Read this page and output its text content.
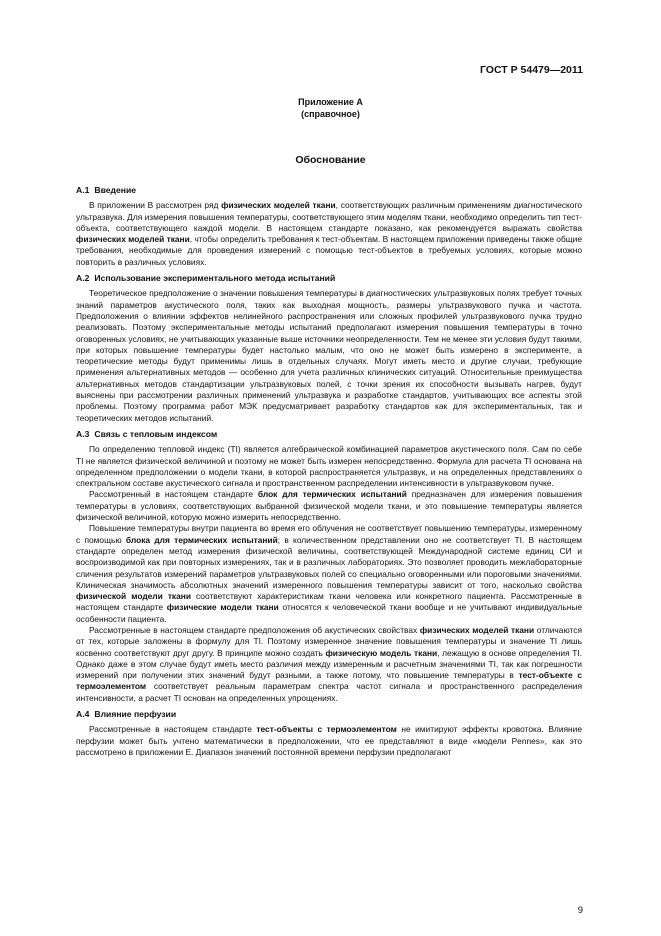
ГОСТ Р 54479—2011
Приложение А
(справочное)
Обоснование
А.1 Введение

В приложении В рассмотрен ряд физических моделей ткани, соответствующих различным применениям диагностического ультразвука. Для измерения повышения температуры, соответствующего этим моделям ткани, необходимо определить тип тест-объекта, соответствующего каждой модели. В настоящем стандарте показано, как рекомендуется выражать свойства физических моделей ткани, чтобы определить требования к тест-объектам. В настоящем приложении приведены также общие требования, необходимые для проведения измерений с помощью тест-объектов в требуемых условиях, которые можно повторить в различных условиях.

А.2 Использование экспериментального метода испытаний

Теоретическое предположение о значении повышения температуры в диагностических ультразвуковых полях требует точных знаний параметров акустического поля, таких как выходная мощность, размеры ультразвукового пучка и частота. Предположения о влиянии эффектов нелинейного распространения или сложных профилей ультразвукового пучка трудно реализовать. Поэтому экспериментальные методы испытаний предполагают измерения повышения температуры в точно оговоренных условиях, не учитывающих указанные выше источники неопределенности. Тем не менее эти условия будут такими, при которых повышение температуры будет настолько малым, что оно не может быть измерено в эксперименте, а теоретические методы будут применимы лишь в отдельных случаях. Могут иметь место и другие случаи, требующие применения альтернативных методов — особенно для учета различных клинических ситуаций. Относительные преимущества альтернативных методов стандартизации ультразвуковых полей, с точки зрения их способности вызывать нагрев, будут выяснены при рассмотрении различных применений ультразвука и разработке стандартов, учитывающих все аспекты этой проблемы. Поэтому программа работ МЭК предусматривает разработку стандартов как для экспериментальных, так и теоретических методов испытаний.

А.3 Связь с тепловым индексом

По определению тепловой индекс (TI) является алгебраической комбинацией параметров акустического поля. Сам по себе TI не является физической величиной и поэтому не может быть измерен непосредственно. Формула для расчета TI основана на определенном предположении о модели ткани, в которой распространяется ультразвук, и на определенных представлениях о спектральном составе акустического сигнала и пространственном распределении интенсивности в ультразвуковом пучке.

Рассмотренный в настоящем стандарте блок для термических испытаний предназначен для измерения повышения температуры в условиях, соответствующих выбранной физической модели ткани, и это повышение температуры является физической величиной, которую можно измерить непосредственно.

Повышение температуры внутри пациента во время его облучения не соответствует повышению температуры, измеренному с помощью блока для термических испытаний; в количественном представлении оно не соответствует TI. В настоящем стандарте определен метод измерения физической величины, соответствующей Международной системе единиц СИ и воспроизводимой как при повторных измерениях, так и в различных лабораториях. Это позволяет проводить межлабораторные сличения результатов измерений параметров ультразвуковых полей со специально оговоренными или пороговыми значениями. Клиническая значимость абсолютных значений измеренного повышения температуры зависит от того, насколько свойства физической модели ткани соответствуют характеристикам ткани человека или конкретного пациента. Рассмотренные в настоящем стандарте физические модели ткани относятся к человеческой ткани вообще и не учитывают индивидуальные особенности пациента.

Рассмотренные в настоящем стандарте предположения об акустических свойствах физических моделей ткани отличаются от тех, которые заложены в формулу для TI. Поэтому измеренное значение повышения температуры и значение TI лишь косвенно соответствуют друг другу. В принципе можно создать физическую модель ткани, лежащую в основе определения TI. Однако даже в этом случае будут иметь место различия между измеренным и расчетным значениями TI, так как погрешности измерений при получении этих значений будут разными, а также потому, что повышение температуры в тест-объекте с термоэлементом соответствует реальным параметрам спектра частот сигнала и пространственного распределения интенсивности, а расчет TI основан на определенных упрощениях.

А.4 Влияние перфузии

Рассмотренные в настоящем стандарте тест-объекты с термоэлементом не имитируют эффекты кровотока. Влияние перфузии может быть учтено математически в предположении, что ее представляют в виде «модели Pennes», как это рассмотрено в приложении Е. Диапазон значений постоянной времени перфузии предполагают

9
